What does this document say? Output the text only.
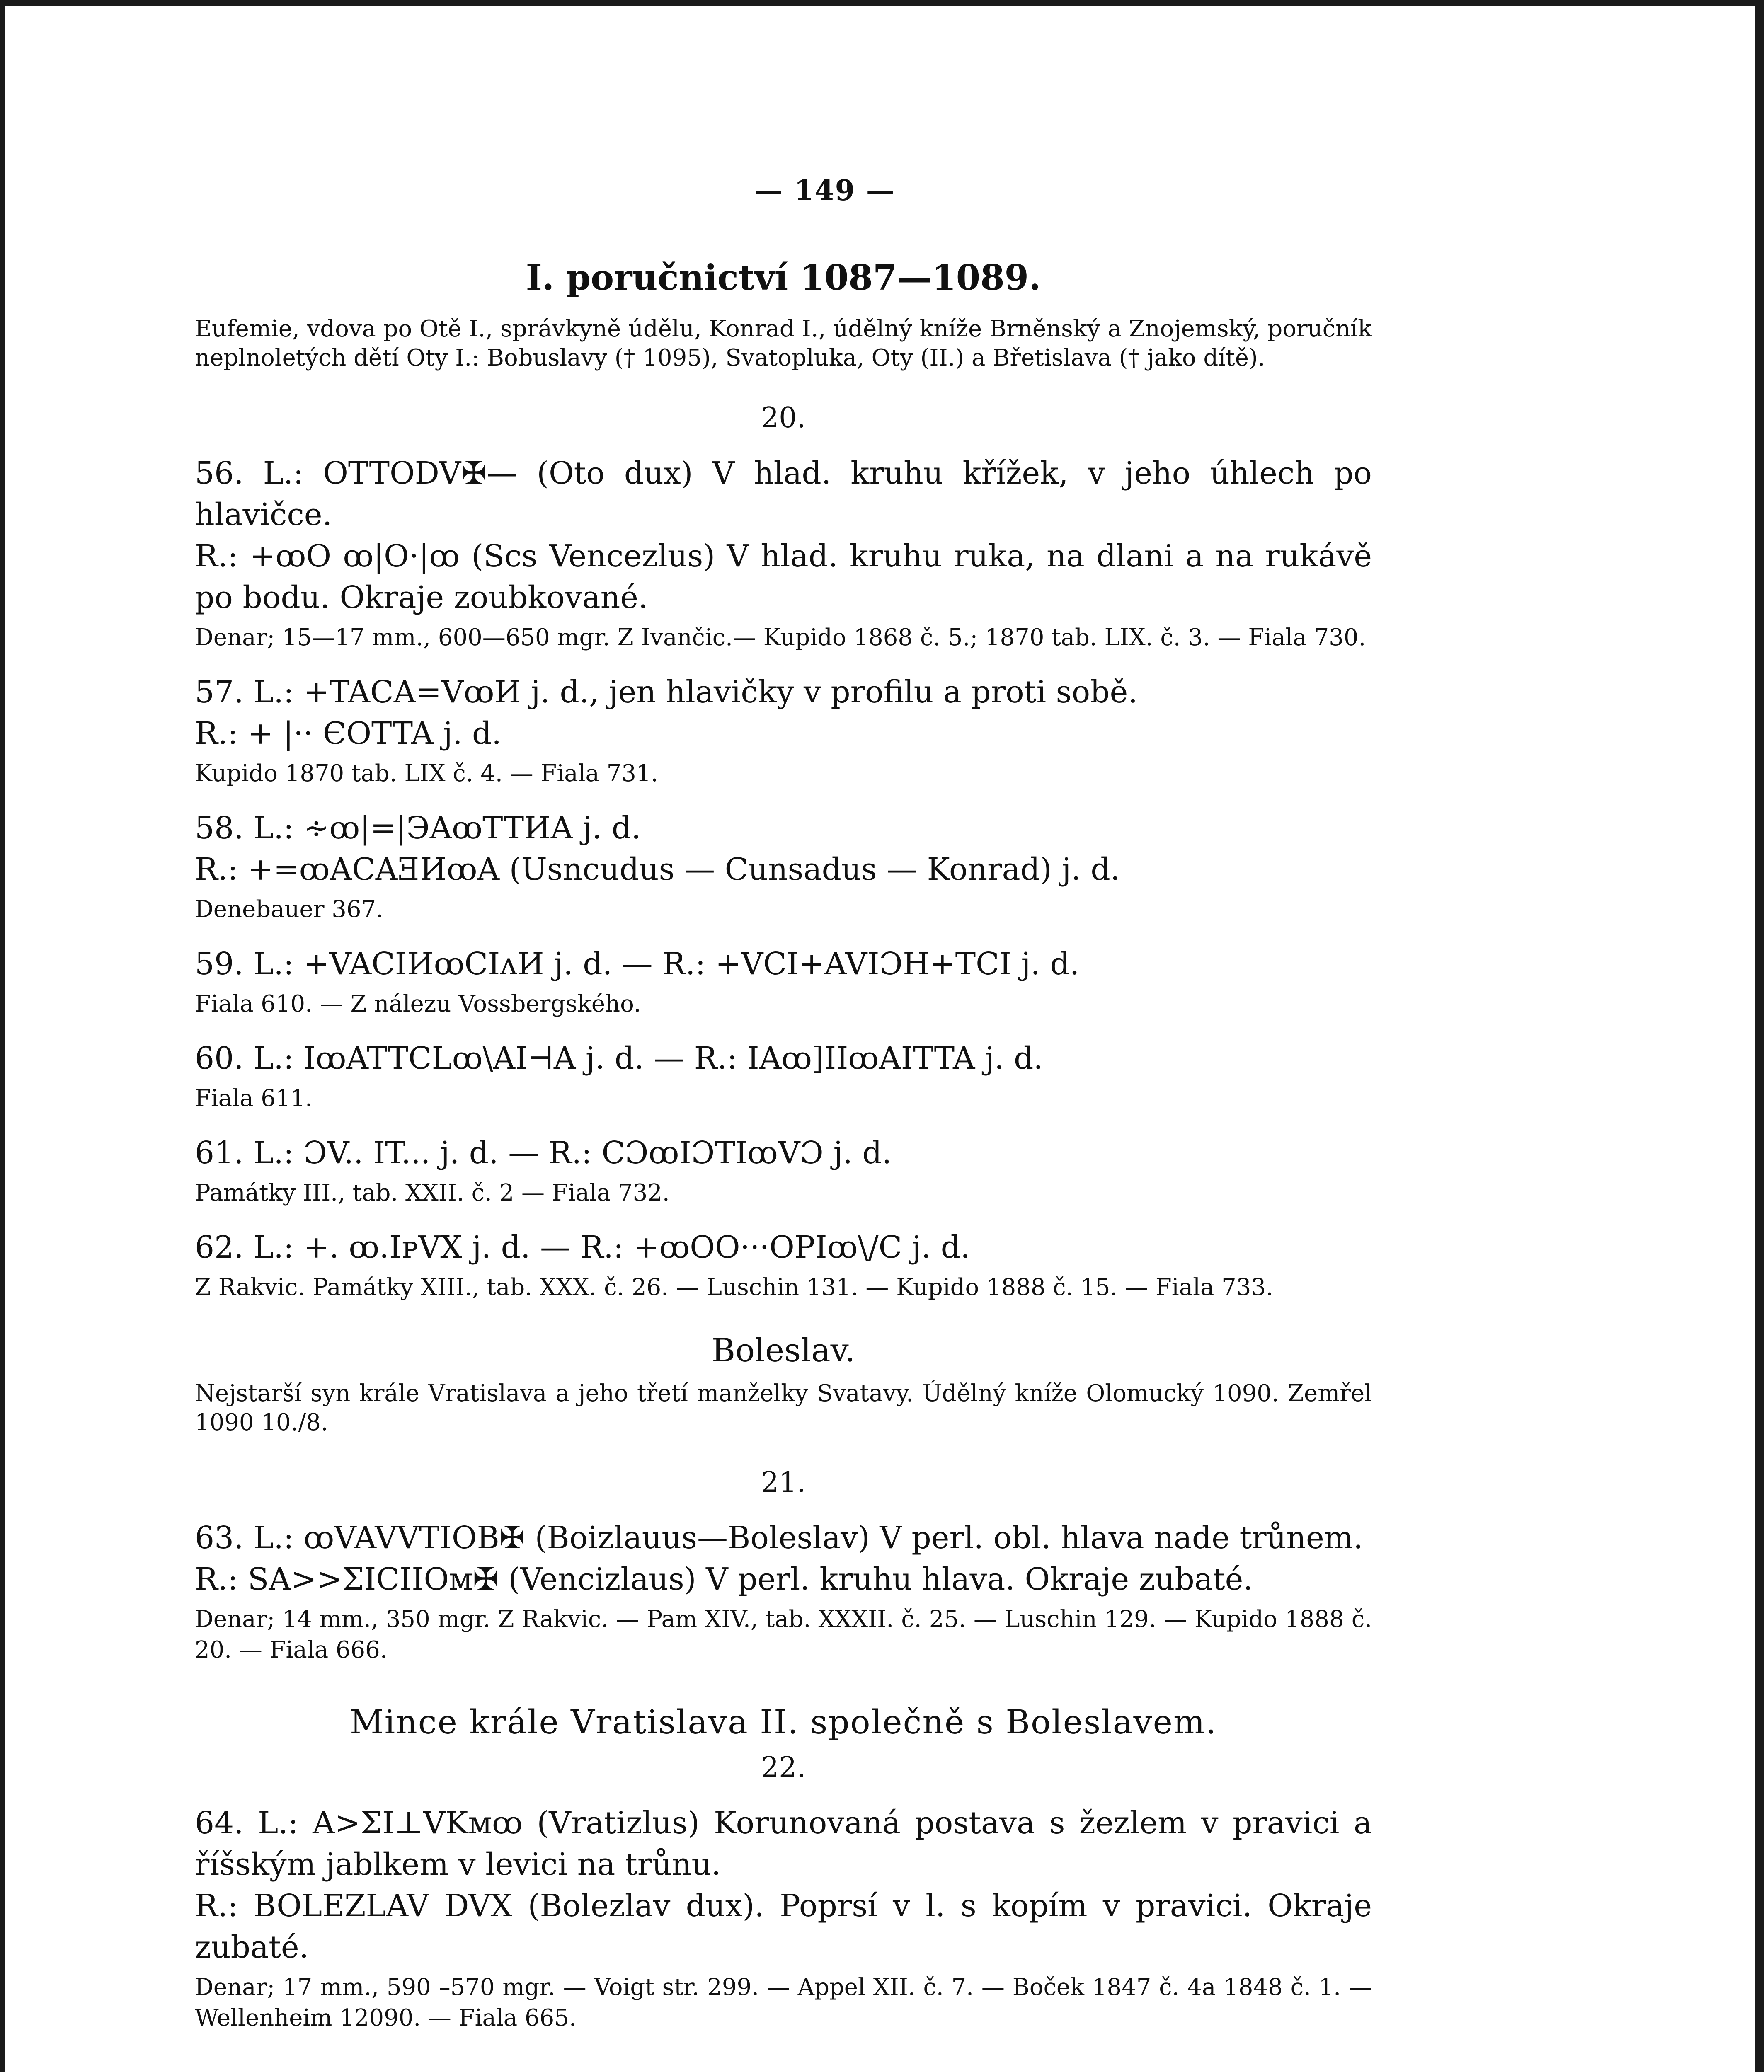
— 149 —
I. poručnictví 1087—1089.

Eufemie, vdova po Otě I., správkyně údělu, Konrad I., údělný kníže Brněnský a Znojemský, poručník neplnoletých dětí Oty I.: Bobuslavy († 1095), Svatopluka, Oty (II.) a Břetislava († jako dítě).

20.

56. L.: OTTODV✠— (Oto dux) V hlad. kruhu křížek, v jeho úhlech po hlavičce.

R.: +ꝏO ꝏ|O·|ꝏ (Scs Vencezlus) V hlad. kruhu ruka, na dlani a na rukávě po bodu. Okraje zoubkované.

Denar; 15—17 mm., 600—650 mgr. Z Ivančic.— Kupido 1868 č. 5.; 1870 tab. LIX. č. 3. — Fiala 730.

57. L.: +TACA=VꝏИ j. d., jen hlavičky v profilu a proti sobě.

R.: + |·· ЄOTTA j. d.

Kupido 1870 tab. LIX č. 4. — Fiala 731.

58. L.: ∻ꝏ|=|ЭAꝏTTИA j. d.

R.: +=ꝏACAƎИꝏA (Usncudus — Cunsadus — Konrad) j. d.

Denebauer 367.

59. L.: +VACIИꝏCIᴧИ j. d. — R.: +VCI+AVIƆH+TCI j. d.

Fiala 610. — Z nálezu Vossbergského.

60. L.: IꝏATTCLꝏ\AI⊣A j. d. — R.: IAꝏ]IIꝏAITTA j. d.

Fiala 611.

61. L.: ƆV.. IT... j. d. — R.: CƆꝏIƆTIꝏVƆ j. d.

Památky III., tab. XXII. č. 2 — Fiala 732.

62. L.: +. ꝏ.IᴘVX j. d. — R.: +ꝏOO···OPIꝏ\/C j. d.

Z Rakvic. Památky XIII., tab. XXX. č. 26. — Luschin 131. — Kupido 1888 č. 15. — Fiala 733.

Boleslav.

Nejstarší syn krále Vratislava a jeho třetí manželky Svatavy. Údělný kníže Olomucký 1090. Zemřel 1090 10./8.

21.

63. L.: ꝏVAVVTIOB✠ (Boizlauus—Boleslav) V perl. obl. hlava nade trůnem.

R.: SA>>ΣICIIOᴍ✠ (Vencizlaus) V perl. kruhu hlava. Okraje zubaté.

Denar; 14 mm., 350 mgr. Z Rakvic. — Pam XIV., tab. XXXII. č. 25. — Luschin 129. — Kupido 1888 č. 20. — Fiala 666.

Mince krále Vratislava II. společně s Boleslavem.
22.

64. L.: A>ΣI⊥VKᴍꝏ (Vratizlus) Korunovaná postava s žezlem v pravici a říšským jablkem v levici na trůnu.

R.: BOLEZLAV DVX (Bolezlav dux). Poprsí v l. s kopím v pravici. Okraje zubaté.

Denar; 17 mm., 590 –570 mgr. — Voigt str. 299. — Appel XII. č. 7. — Boček 1847 č. 4a 1848 č. 1. — Wellenheim 12090. — Fiala 665.
